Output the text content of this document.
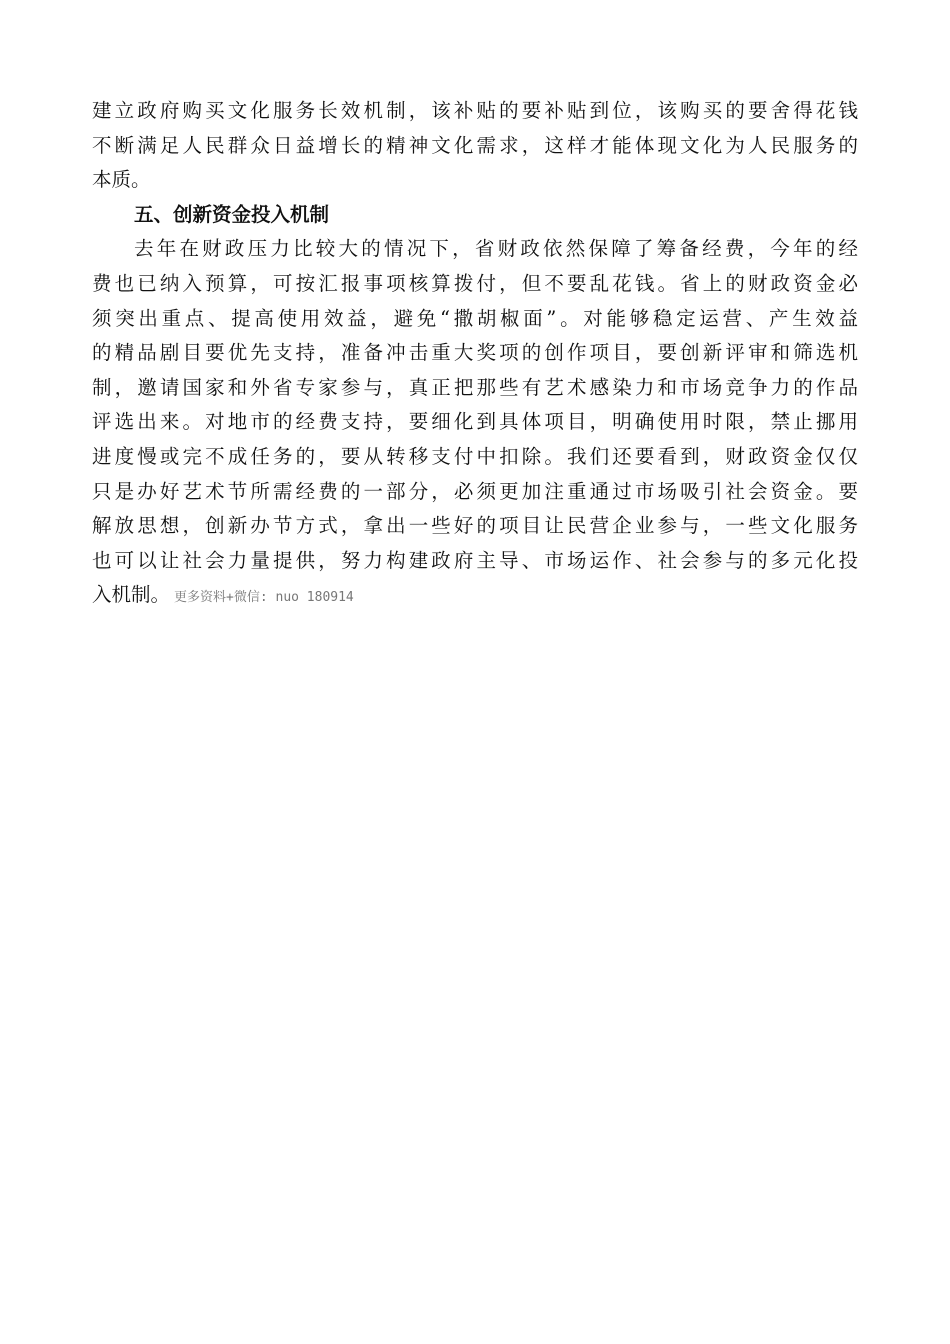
建立政府购买文化服务长效机制，该补贴的要补贴到位，该购买的要舍得花钱
不断满足人民群众日益增长的精神文化需求，这样才能体现文化为人民服务的
本质。
五、创新资金投入机制
去年在财政压力比较大的情况下，省财政依然保障了筹备经费，今年的经
费也已纳入预算，可按汇报事项核算拨付，但不要乱花钱。省上的财政资金必
须突出重点、提高使用效益，避免“撒胡椒面”。对能够稳定运营、产生效益
的精品剧目要优先支持，准备冲击重大奖项的创作项目，要创新评审和筛选机
制，邀请国家和外省专家参与，真正把那些有艺术感染力和市场竞争力的作品
评选出来。对地市的经费支持，要细化到具体项目，明确使用时限，禁止挪用
进度慢或完不成任务的，要从转移支付中扣除。我们还要看到，财政资金仅仅
只是办好艺术节所需经费的一部分，必须更加注重通过市场吸引社会资金。要
解放思想，创新办节方式，拿出一些好的项目让民营企业参与，一些文化服务
也可以让社会力量提供，努力构建政府主导、市场运作、社会参与的多元化投
入机制。 更多资料+微信: nuo 180914
